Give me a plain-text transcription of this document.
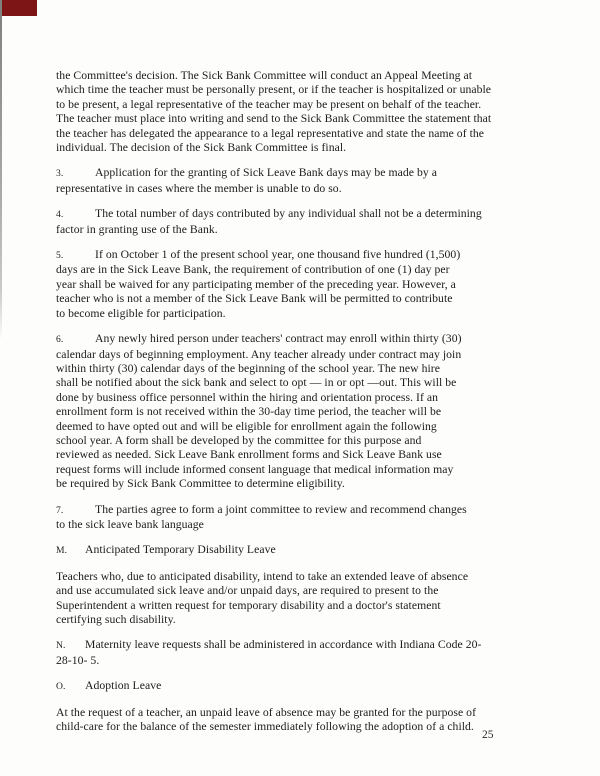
the Committee's decision. The Sick Bank Committee will conduct an Appeal Meeting at
which time the teacher must be personally present, or if the teacher is hospitalized or unable
to be present, a legal representative of the teacher may be present on behalf of the teacher.
The teacher must place into writing and send to the Sick Bank Committee the statement that
the teacher has delegated the appearance to a legal representative and state the name of the
individual. The decision of the Sick Bank Committee is final.
3.	Application for the granting of Sick Leave Bank days may be made by a
representative in cases where the member is unable to do so.
4.	The total number of days contributed by any individual shall not be a determining
factor in granting use of the Bank.
5.	If on October 1 of the present school year, one thousand five hundred (1,500)
days are in the Sick Leave Bank, the requirement of contribution of one (1) day per
year shall be waived for any participating member of the preceding year. However, a
teacher who is not a member of the Sick Leave Bank will be permitted to contribute
to become eligible for participation.
6.	Any newly hired person under teachers' contract may enroll within thirty (30)
calendar days of beginning employment. Any teacher already under contract may join
within thirty (30) calendar days of the beginning of the school year. The new hire
shall be notified about the sick bank and select to opt — in or opt —out. This will be
done by business office personnel within the hiring and orientation process. If an
enrollment form is not received within the 30-day time period, the teacher will be
deemed to have opted out and will be eligible for enrollment again the following
school year. A form shall be developed by the committee for this purpose and
reviewed as needed. Sick Leave Bank enrollment forms and Sick Leave Bank use
request forms will include informed consent language that medical information may
be required by Sick Bank Committee to determine eligibility.
7.	The parties agree to form a joint committee to review and recommend changes
to the sick leave bank language
M. Anticipated Temporary Disability Leave
Teachers who, due to anticipated disability, intend to take an extended leave of absence
and use accumulated sick leave and/or unpaid days, are required to present to the
Superintendent a written request for temporary disability and a doctor's statement
certifying such disability.
N. Maternity leave requests shall be administered in accordance with Indiana Code 20-
28-10- 5.
O. Adoption Leave
At the request of a teacher, an unpaid leave of absence may be granted for the purpose of
child-care for the balance of the semester immediately following the adoption of a child.
25
